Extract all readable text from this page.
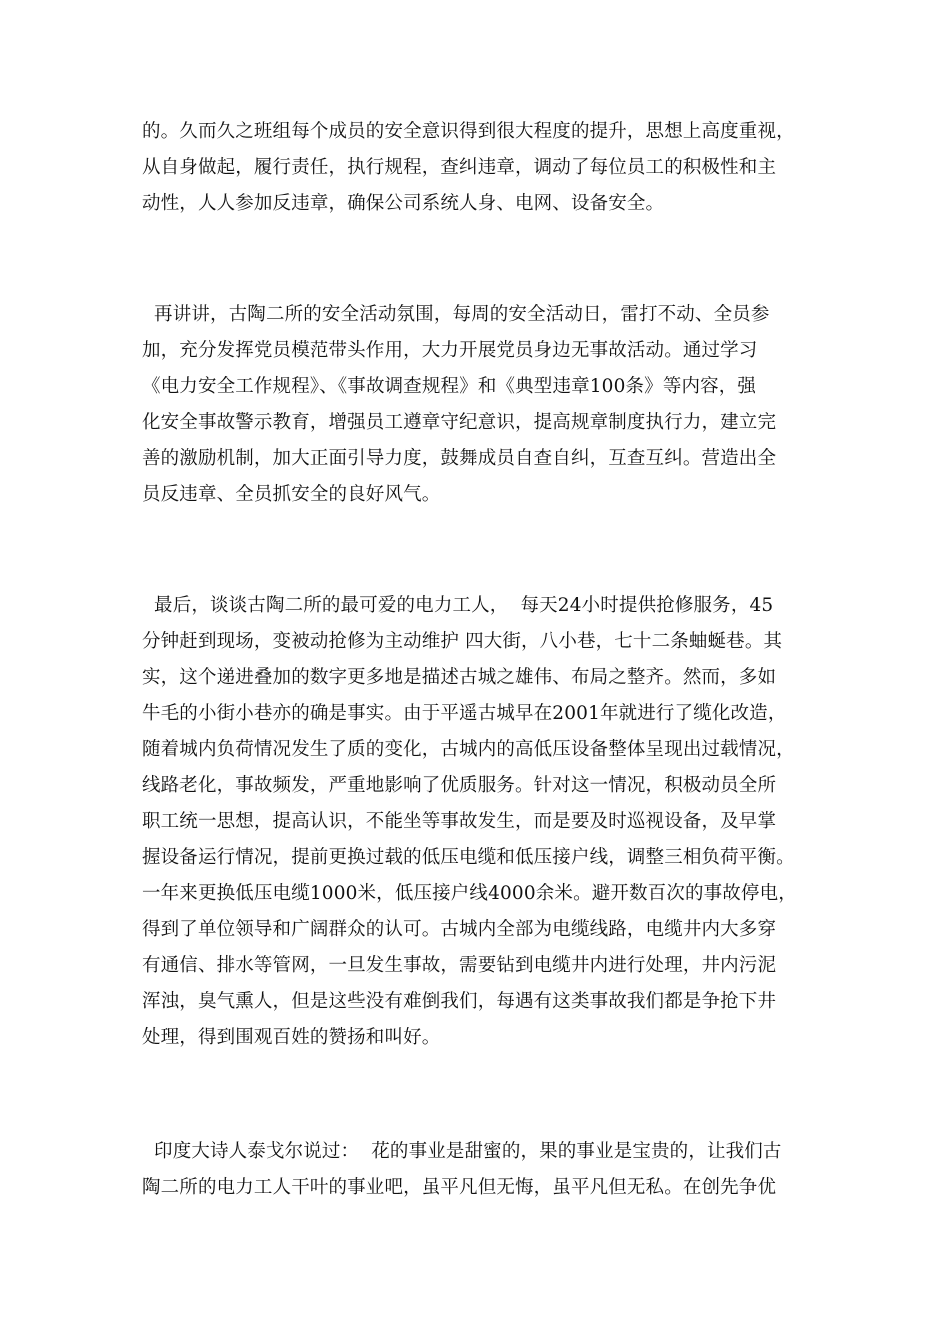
的。久而久之班组每个成员的安全意识得到很大程度的提升，思想上高度重视，
从自身做起，履行责任，执行规程，查纠违章，调动了每位员工的积极性和主
动性，人人参加反违章，确保公司系统人身、电网、设备安全。

再讲讲，古陶二所的安全活动氛围，每周的安全活动日，雷打不动、全员参
加，充分发挥党员模范带头作用，大力开展党员身边无事故活动。通过学习
《电力安全工作规程》、《事故调查规程》和《典型违章100条》等内容，强
化安全事故警示教育，增强员工遵章守纪意识，提高规章制度执行力，建立完
善的激励机制，加大正面引导力度，鼓舞成员自查自纠，互查互纠。营造出全
员反违章、全员抓安全的良好风气。

最后，谈谈古陶二所的最可爱的电力工人，  每天24小时提供抢修服务，45
分钟赶到现场，变被动抢修为主动维护 四大街，八小巷，七十二条蚰蜒巷。其
实，这个递进叠加的数字更多地是描述古城之雄伟、布局之整齐。然而，多如
牛毛的小街小巷亦的确是事实。由于平遥古城早在2001年就进行了缆化改造，
随着城内负荷情况发生了质的变化，古城内的高低压设备整体呈现出过载情况，
线路老化，事故频发，严重地影响了优质服务。针对这一情况，积极动员全所
职工统一思想，提高认识，不能坐等事故发生，而是要及时巡视设备，及早掌
握设备运行情况，提前更换过载的低压电缆和低压接户线，调整三相负荷平衡。
一年来更换低压电缆1000米，低压接户线4000余米。避开数百次的事故停电，
得到了单位领导和广阔群众的认可。古城内全部为电缆线路，电缆井内大多穿
有通信、排水等管网，一旦发生事故，需要钻到电缆井内进行处理，井内污泥
浑浊，臭气熏人，但是这些没有难倒我们，每遇有这类事故我们都是争抢下井
处理，得到围观百姓的赞扬和叫好。

印度大诗人泰戈尔说过：  花的事业是甜蜜的，果的事业是宝贵的，让我们古
陶二所的电力工人干叶的事业吧，虽平凡但无悔，虽平凡但无私。在创先争优
